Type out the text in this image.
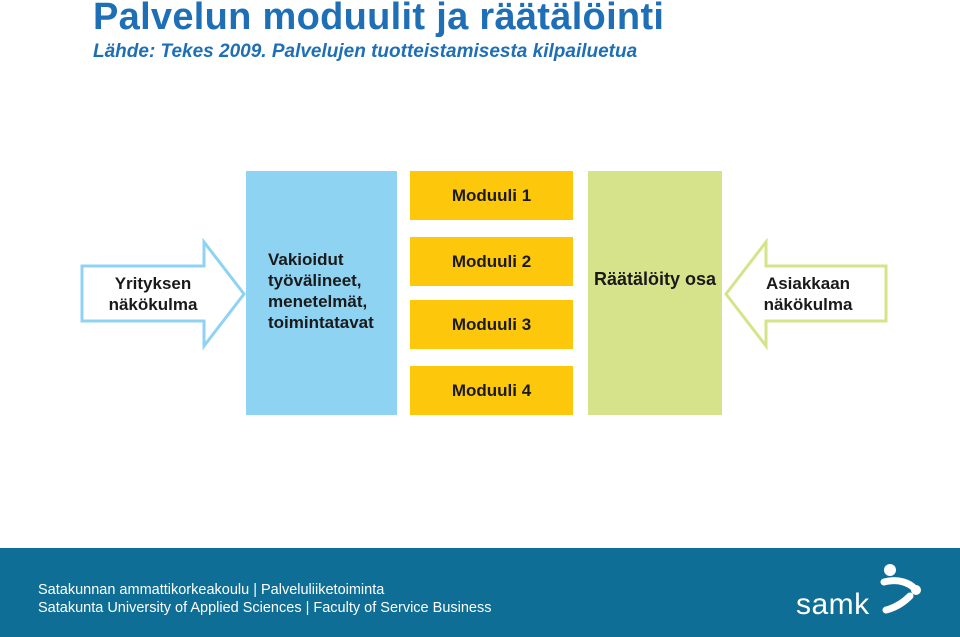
Palvelun moduulit ja räätälöinti

Lähde: Tekes 2009. Palvelujen tuotteistamisesta kilpailuetua

Yrityksen näkökulma
Asiakkaan näkökulma
Vakioidut työvälineet, menetelmät, toimintatavat
Moduuli 1
Moduuli 2
Moduuli 3
Moduuli 4
Räätälöity osa
Satakunnan ammattikorkeakoulu | Palveluliiketoiminta
Satakunta University of Applied Sciences | Faculty of Service Business	samk
